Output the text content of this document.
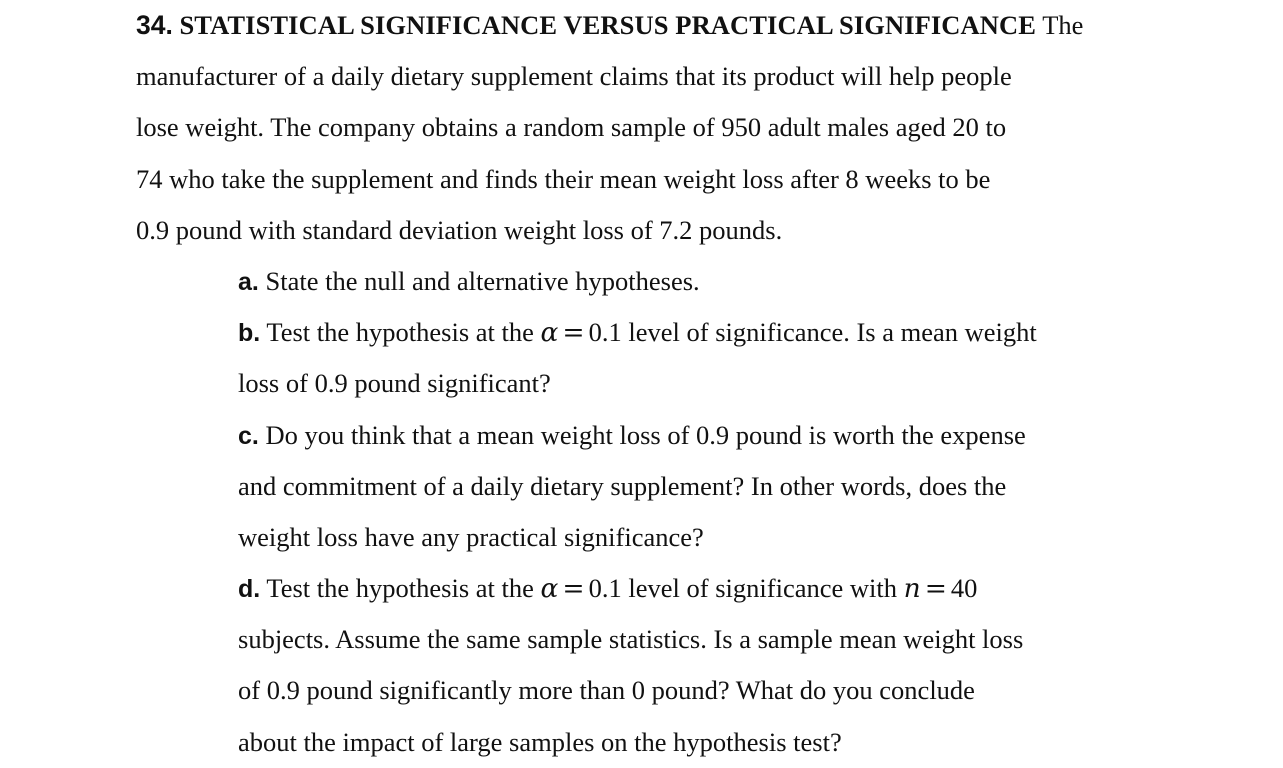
34. STATISTICAL SIGNIFICANCE VERSUS PRACTICAL SIGNIFICANCE The
manufacturer of a daily dietary supplement claims that its product will help people
lose weight. The company obtains a random sample of 950 adult males aged 20 to
74 who take the supplement and finds their mean weight loss after 8 weeks to be
0.9 pound with standard deviation weight loss of 7.2 pounds.
a. State the null and alternative hypotheses.
b. Test the hypothesis at the α = 0.1 level of significance. Is a mean weight
loss of 0.9 pound significant?
c. Do you think that a mean weight loss of 0.9 pound is worth the expense
and commitment of a daily dietary supplement? In other words, does the
weight loss have any practical significance?
d. Test the hypothesis at the α = 0.1 level of significance with n = 40
subjects. Assume the same sample statistics. Is a sample mean weight loss
of 0.9 pound significantly more than 0 pound? What do you conclude
about the impact of large samples on the hypothesis test?
